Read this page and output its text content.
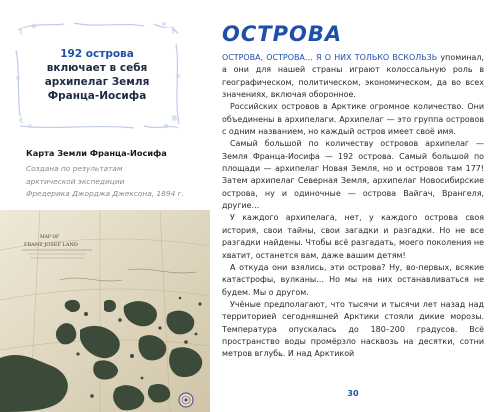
192 острова
включает в себя
архипелаг Земля
Франца-Иосифа
Карта Земли Франца-Иосифа
Создана по результатам
арктической экспедиции
Фредерика Джорджа Джексона, 1894 г.
MAP OF
FRANZ JOSEF LAND
ОСТРОВА

ОСТРОВА, ОСТРОВА… Я О НИХ ТОЛЬКО ВСКОЛЬЗЬ упоминал, а они для нашей страны играют колоссальную роль в географическом, политическом, экономическом, да во всех значениях, включая оборонное.

Российских островов в Арктике огромное количество. Они объединены в архипелаги. Архипелаг — это группа островов с одним названием, но каждый остров имеет своё имя.

Самый большой по количеству островов архипелаг — Земля Франца-Иосифа — 192 острова. Самый большой по площади — архипелаг Новая Земля, но и островов там 177! Затем архипелаг Северная Земля, архипелаг Новосибирские острова, ну и одиночные — острова Вайгач, Врангеля, другие…

У каждого архипелага, нет, у каждого острова своя история, свои тайны, свои загадки и разгадки. Но не все разгадки найдены. Чтобы всё разгадать, моего поколения не хватит, останется вам, даже вашим детям!

А откуда они взялись, эти острова? Ну, во-первых, всякие катастрофы, вулканы… Но мы на них останавливаться не будем. Мы о другом.

Учёные предполагают, что тысячи и тысячи лет назад над территорией сегодняшней Арктики стояли дикие морозы. Температура опускалась до 180–200 градусов. Всё пространство воды промёрзло насквозь на десятки, сотни метров вглубь. И над Арктикой

30
